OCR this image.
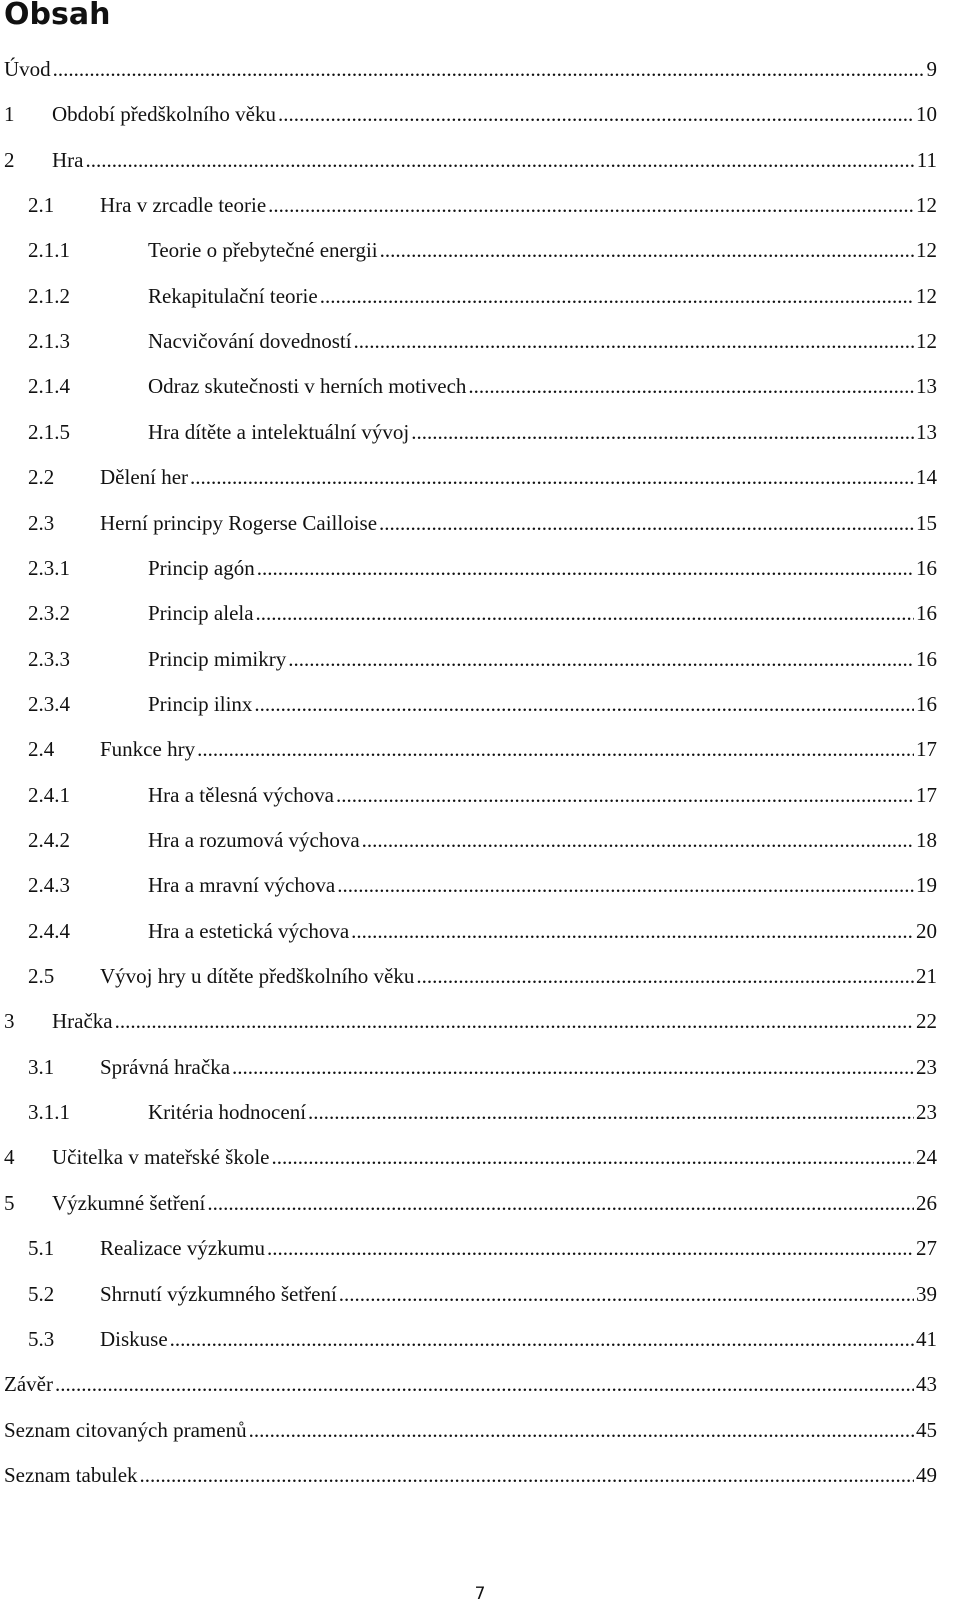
Obsah
Úvod .....	9
1 Období předškolního věku .....	10
2 Hra .....	11
2.1 Hra v zrcadle teorie .....	12
2.1.1	Teorie o přebytečné energii .....	12
2.1.2	Rekapitulační teorie .....	12
2.1.3	Nacvičování dovedností .....	12
2.1.4	Odraz skutečnosti v herních motivech .....	13
2.1.5	Hra dítěte a intelektuální vývoj .....	13
2.2 Dělení her .....	14
2.3 Herní principy Rogerse Cailloise .....	15
2.3.1	Princip agón .....	16
2.3.2	Princip alela .....	16
2.3.3	Princip mimikry .....	16
2.3.4	Princip ilinx .....	16
2.4 Funkce hry .....	17
2.4.1	Hra a tělesná výchova .....	17
2.4.2	Hra a rozumová výchova .....	18
2.4.3	Hra a mravní výchova .....	19
2.4.4	Hra a estetická výchova .....	20
2.5 Vývoj hry u dítěte předškolního věku .....	21
3 Hračka .....	22
3.1 Správná hračka .....	23
3.1.1	Kritéria hodnocení .....	23
4 Učitelka v mateřské škole .....	24
5 Výzkumné šetření .....	26
5.1 Realizace výzkumu .....	27
5.2 Shrnutí výzkumného šetření .....	39
5.3 Diskuse .....	41
Závěr .....	43
Seznam citovaných pramenů .....	45
Seznam tabulek .....	49
7
